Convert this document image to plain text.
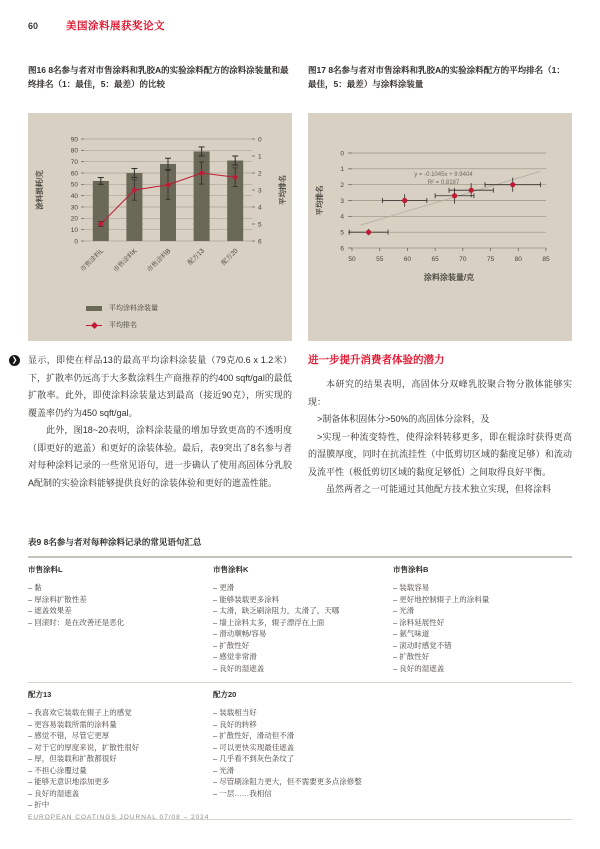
60	美国涂料展获奖论文
图16 8名参与者对市售涂料和乳胶A的实验涂料配方的涂料涂装量和最终排名（1：最佳，5：最差）的比较
图17 8名参与者对市售涂料和乳胶A的实验涂料配方的平均排名（1：最佳，5：最差）与涂料涂装量
0
10
20
30
40
50
60
70
80
90	0
1
2
3
4
5
6
市售涂料L 市售涂料K 市售涂料B 配方13 配方20
涂料损耗/克	平均排名
平均涂料涂装量
平均排名
0
1
2
3
4
5
6
50	55	60	65	70	75	80	85
y = -0.1045x + 9.9404
R² = 0.8187
平均排名
涂料涂装量/克
❯ 显示，即使在样品13的最高平均涂料涂装量（79克/0.6 x 1.2米）下，扩散率仍远高于大多数涂料生产商推荐的约400 sqft/gal的最低扩散率。此外，即使涂料涂装量达到最高（接近90克），所实现的覆盖率仍约为450 sqft/gal。

此外，图18~20表明，涂料涂装量的增加导致更高的不透明度（即更好的遮盖）和更好的涂装体验。最后，表9突出了8名参与者对每种涂料记录的一些常见语句，进一步确认了使用高固体分乳胶A配制的实验涂料能够提供良好的涂装体验和更好的遮盖性能。

进一步提升消费者体验的潜力

本研究的结果表明，高固体分双峰乳胶聚合物分散体能够实现：

>制备体积固体分>50%的高固体分涂料，及

>实现一种流变特性，使得涂料转移更多，即在辊涂时获得更高的湿膜厚度，同时在抗流挂性（中低剪切区域的黏度足够）和流动及流平性（极低剪切区域的黏度足够低）之间取得良好平衡。

虽然两者之一可能通过其他配方技术独立实现，但将涂料

表9 8名参与者对每种涂料记录的常见语句汇总

市售涂料L
– 黏
– 厚涂料扩散性差
– 遮盖效果差
– 回滚时：是在改善还是恶化
市售涂料K
– 更滑
– 能够装载更多涂料
– 太滑，缺乏刷涂阻力，太滑了，天哪
– 墙上涂料太多，辊子漂浮在上面
– 滑动顺畅/容易
– 扩散性好
– 感觉非常滑
– 良好的湿遮盖
市售涂料B
– 装载容易
– 更好地控制辊子上的涂料量
– 光滑
– 涂料延展性好
– 氨气味道
– 滚动时感觉不错
– 扩散性好
– 良好的湿遮盖
配方13
– 我喜欢它装载在辊子上的感觉
– 更容易装载所需的涂料量
– 感觉不错，尽管它更厚
– 对于它的厚度来说，扩散性很好
– 厚，但装载和扩散都很好
– 不担心涂覆过量
– 能够无意识地添加更多
– 良好的湿遮盖
– 折中
配方20
– 装载相当好
– 良好的转移
– 扩散性好，滑动但不滑
– 可以更快实现最佳遮盖
– 几乎看不到灰色条纹了
– 光滑
– 尽管刷涂阻力更大，但不需要更多点涂修整
– 一层……我相信
EUROPEAN COATINGS JOURNAL 07/08 – 2024
